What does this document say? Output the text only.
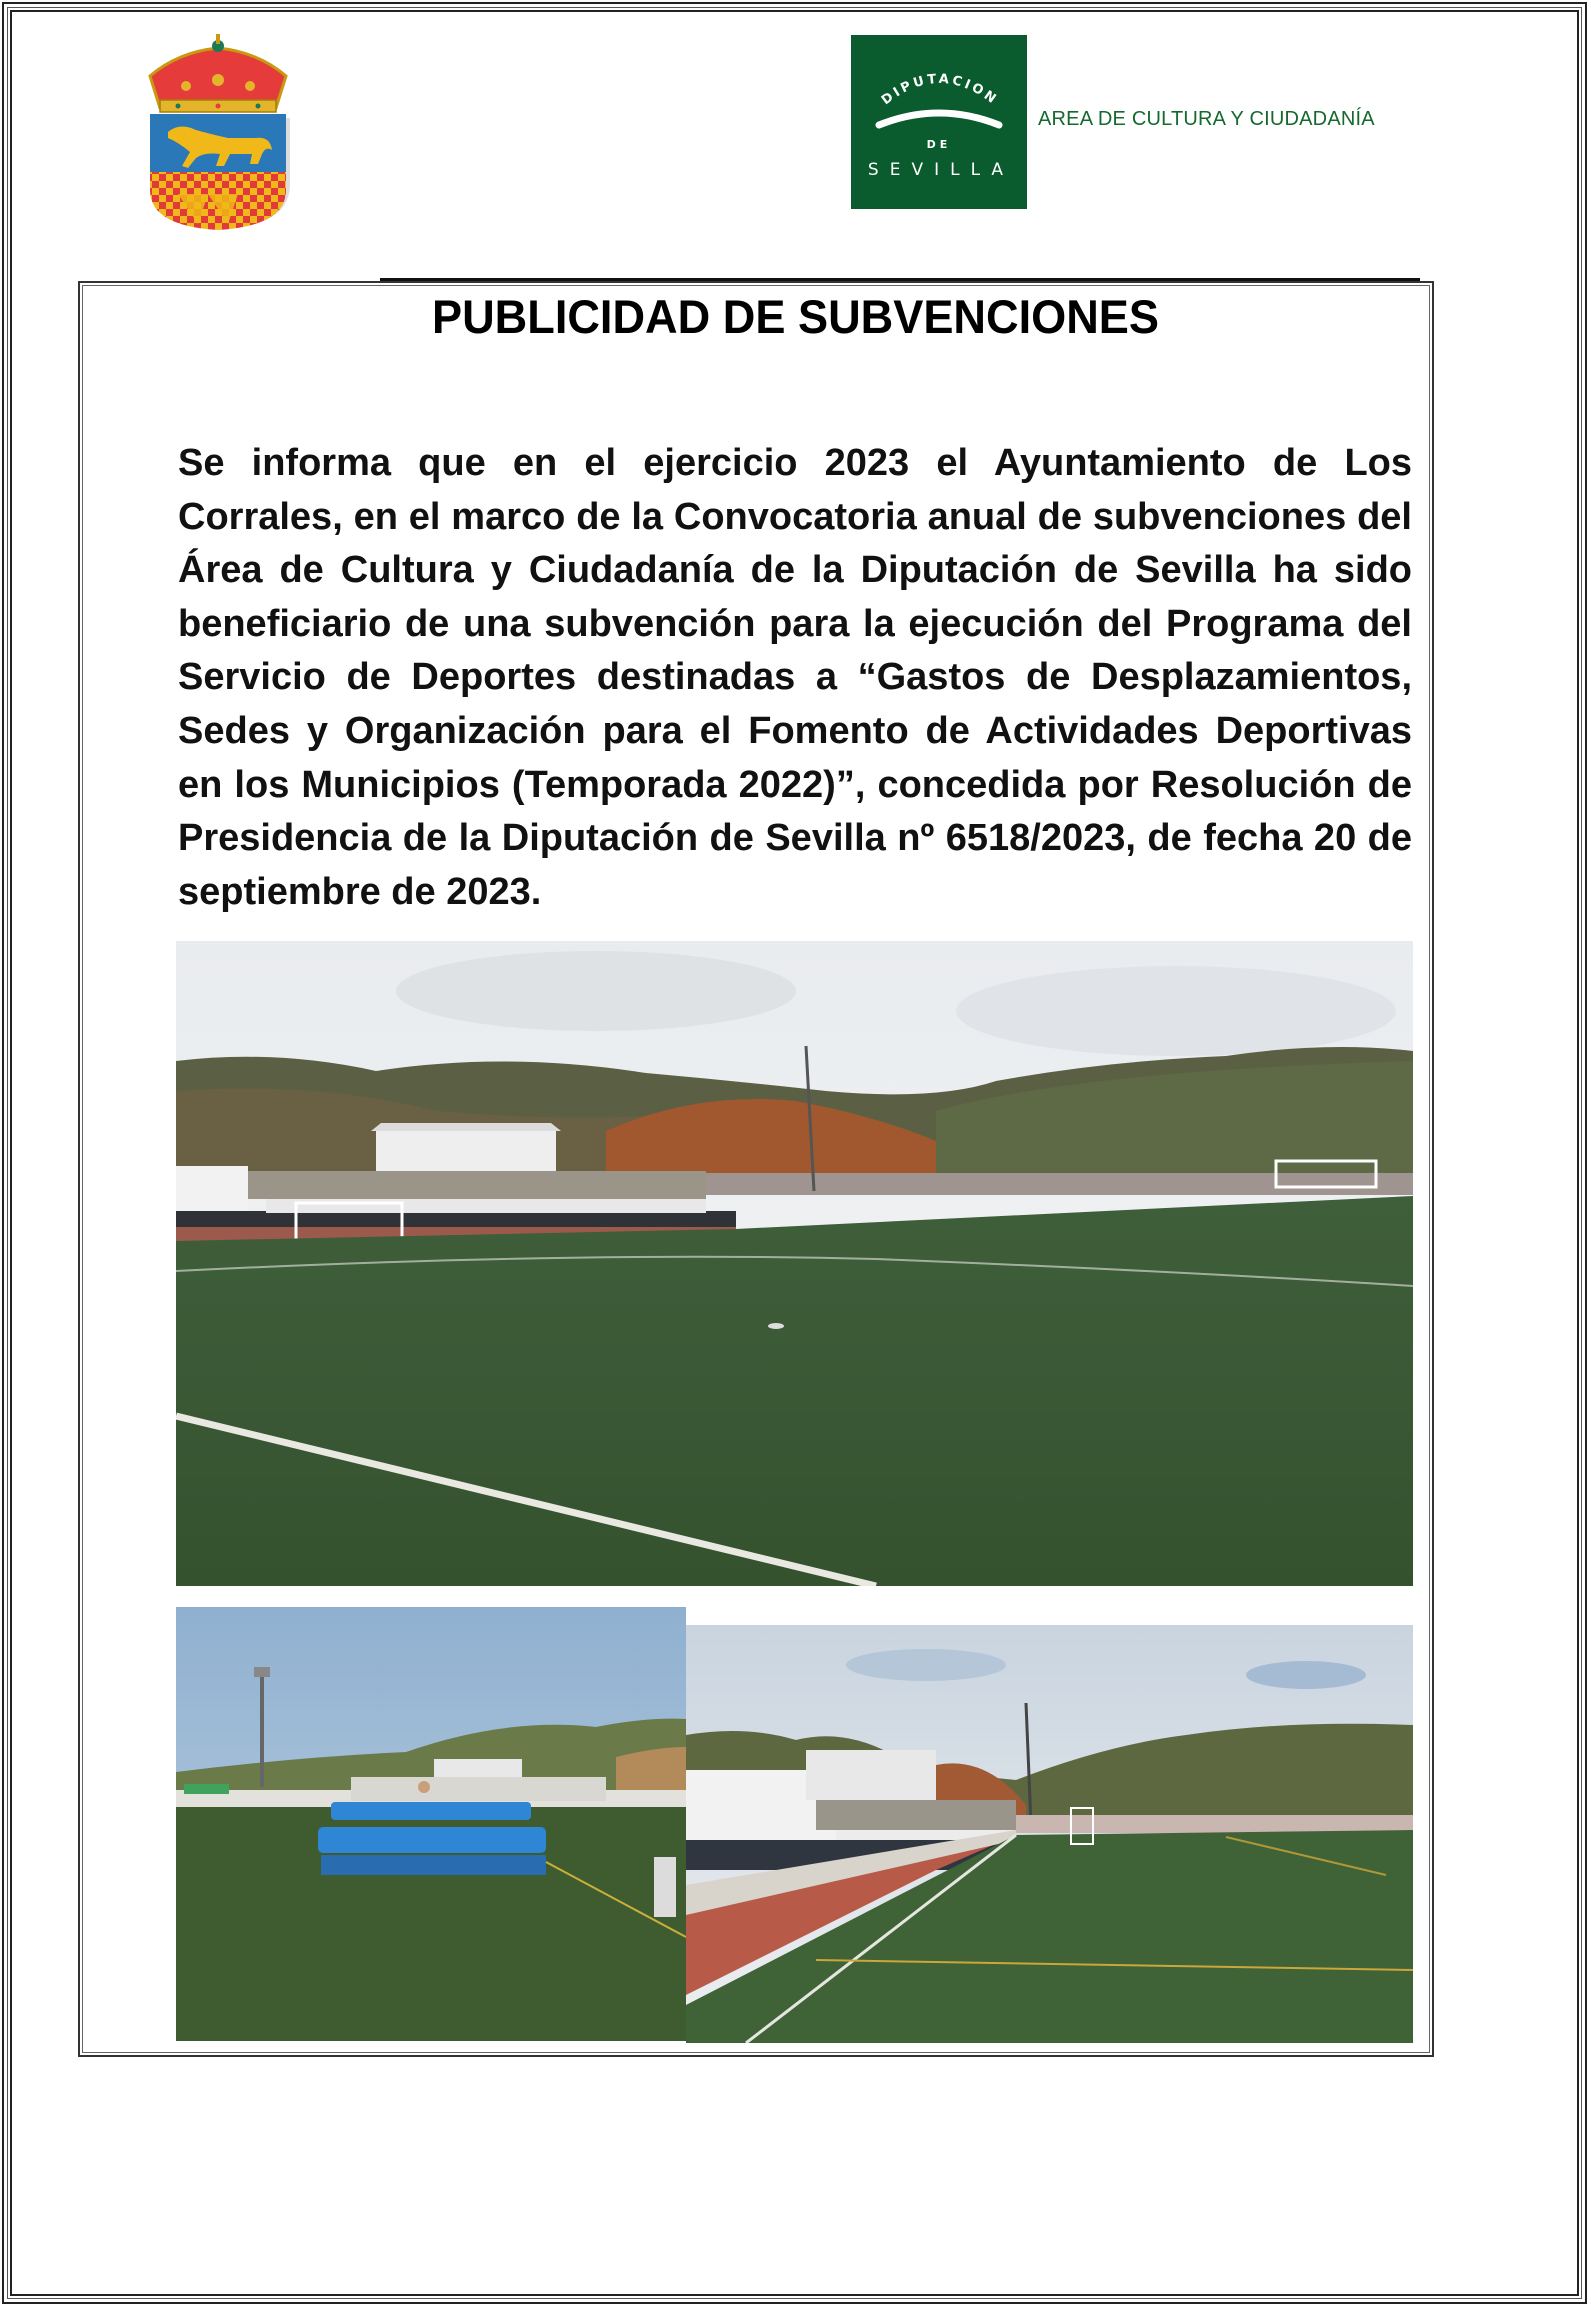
DIPUTACION
DE
SEVILLA
AREA DE CULTURA Y CIUDADANÍA
PUBLICIDAD DE SUBVENCIONES
Se informa que en el ejercicio 2023 el Ayuntamiento de Los Corrales, en el marco de la Convocatoria anual de subvenciones del Área de Cultura y Ciudadanía de la Diputación de Sevilla ha sido beneficiario de una subvención para la ejecución del Programa del Servicio de Deportes destinadas a “Gastos de Desplazamientos, Sedes y Organización para el Fomento de Actividades Deportivas en los Municipios (Temporada 2022)”, concedida por Resolución de Presidencia de la Diputación de Sevilla nº 6518/2023, de fecha 20 de septiembre de 2023.
